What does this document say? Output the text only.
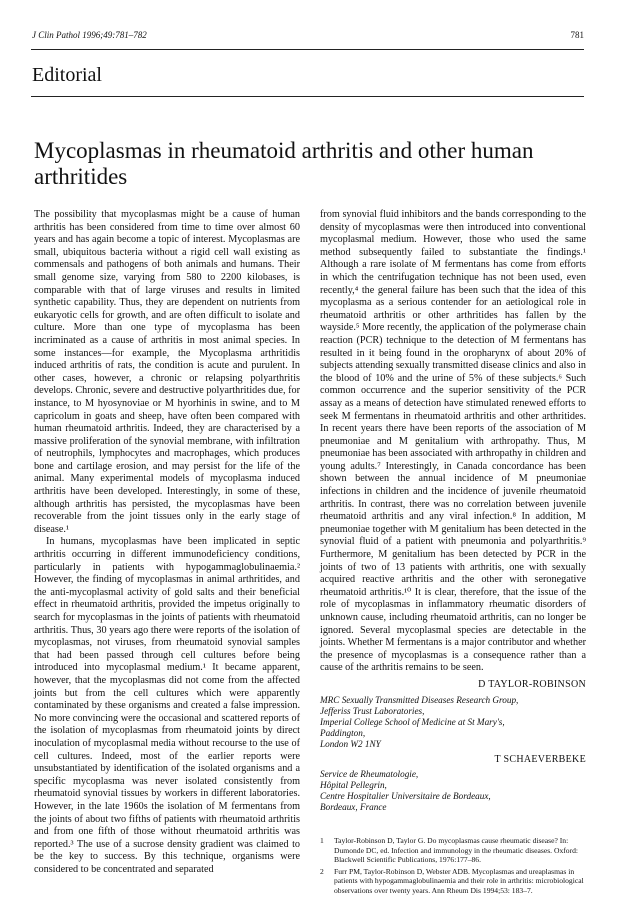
J Clin Pathol 1996;49:781–782	781
Editorial
Mycoplasmas in rheumatoid arthritis and other human arthritides

The possibility that mycoplasmas might be a cause of human arthritis has been considered from time to time over almost 60 years and has again become a topic of interest. Mycoplasmas are small, ubiquitous bacteria without a rigid cell wall existing as commensals and pathogens of both animals and humans. Their small genome size, varying from 580 to 2200 kilobases, is comparable with that of large viruses and results in limited synthetic capability. Thus, they are dependent on nutrients from eukaryotic cells for growth, and are often difficult to isolate and culture. More than one type of mycoplasma has been incriminated as a cause of arthritis in most animal species. In some instances—for example, the Mycoplasma arthritidis induced arthritis of rats, the condition is acute and purulent. In other cases, however, a chronic or relapsing polyarthritis develops. Chronic, severe and destructive polyarthritides due, for instance, to M hyosynoviae or M hyorhinis in swine, and to M capricolum in goats and sheep, have often been compared with human rheumatoid arthritis. Indeed, they are characterised by a massive proliferation of the synovial membrane, with infiltration of neutrophils, lymphocytes and macrophages, which produces bone and cartilage erosion, and may persist for the life of the animal. Many experimental models of mycoplasma induced arthritis have been developed. Interestingly, in some of these, although arthritis has persisted, the mycoplasmas have been recoverable from the joint tissues only in the early stage of disease.¹

In humans, mycoplasmas have been implicated in septic arthritis occurring in different immunodeficiency conditions, particularly in patients with hypogammaglobulinaemia.² However, the finding of mycoplasmas in animal arthritides, and the anti-mycoplasmal activity of gold salts and their beneficial effect in rheumatoid arthritis, provided the impetus originally to search for mycoplasmas in the joints of patients with rheumatoid arthritis. Thus, 30 years ago there were reports of the isolation of mycoplasmas, not viruses, from rheumatoid synovial samples that had been passed through cell cultures before being introduced into mycoplasmal medium.¹ It became apparent, however, that the mycoplasmas did not come from the affected joints but from the cell cultures which were apparently contaminated by these organisms and created a false impression. No more convincing were the occasional and scattered reports of the isolation of mycoplasmas from rheumatoid joints by direct inoculation of mycoplasmal media without recourse to the use of cell cultures. Indeed, most of the earlier reports were unsubstantiated by identification of the isolated organisms and a specific mycoplasma was never isolated consistently from rheumatoid synovial tissues by workers in different laboratories. However, in the late 1960s the isolation of M fermentans from the joints of about two fifths of patients with rheumatoid arthritis and from one fifth of those without rheumatoid arthritis was reported.³ The use of a sucrose density gradient was claimed to be the key to success. By this technique, organisms were considered to be concentrated and separated

from synovial fluid inhibitors and the bands corresponding to the density of mycoplasmas were then introduced into conventional mycoplasmal medium. However, those who used the same method subsequently failed to substantiate the findings.¹ Although a rare isolate of M fermentans has come from efforts in which the centrifugation technique has not been used, even recently,⁴ the general failure has been such that the idea of this mycoplasma as a serious contender for an aetiological role in rheumatoid arthritis or other arthritides has fallen by the wayside.⁵ More recently, the application of the polymerase chain reaction (PCR) technique to the detection of M fermentans has resulted in it being found in the oropharynx of about 20% of subjects attending sexually transmitted disease clinics and also in the blood of 10% and the urine of 5% of these subjects.⁶ Such common occurrence and the superior sensitivity of the PCR assay as a means of detection have stimulated renewed efforts to seek M fermentans in rheumatoid arthritis and other arthritides. In recent years there have been reports of the association of M pneumoniae and M genitalium with arthropathy. Thus, M pneumoniae has been associated with arthropathy in children and young adults.⁷ Interestingly, in Canada concordance has been shown between the annual incidence of M pneumoniae infections in children and the incidence of juvenile rheumatoid arthritis. In contrast, there was no correlation between juvenile rheumatoid arthritis and any viral infection.⁸ In addition, M pneumoniae together with M genitalium has been detected in the synovial fluid of a patient with pneumonia and polyarthritis.⁹ Furthermore, M genitalium has been detected by PCR in the joints of two of 13 patients with arthritis, one with sexually acquired reactive arthritis and the other with seronegative rheumatoid arthritis.¹⁰ It is clear, therefore, that the issue of the role of mycoplasmas in inflammatory rheumatic disorders of unknown cause, including rheumatoid arthritis, can no longer be ignored. Several mycoplasmal species are detectable in the joints. Whether M fermentans is a major contributor and whether the presence of mycoplasmas is a consequence rather than a cause of the arthritis remains to be seen.

D TAYLOR-ROBINSON
MRC Sexually Transmitted Diseases Research Group,
Jefferiss Trust Laboratories,
Imperial College School of Medicine at St Mary's,
Paddington,
London W2 1NY
T SCHAEVERBEKE
Service de Rheumatologie,
Hôpital Pellegrin,
Centre Hospitalier Universitaire de Bordeaux,
Bordeaux, France
1	Taylor-Robinson D, Taylor G. Do mycoplasmas cause rheumatic disease? In: Dumonde DC, ed. Infection and immunology in the rheumatic diseases. Oxford: Blackwell Scientific Publications, 1976:177–86.
2	Furr PM, Taylor-Robinson D, Webster ADB. Mycoplasmas and ureaplasmas in patients with hypogammaglobulinaemia and their role in arthritis: microbiological observations over twenty years. Ann Rheum Dis 1994;53: 183–7.
